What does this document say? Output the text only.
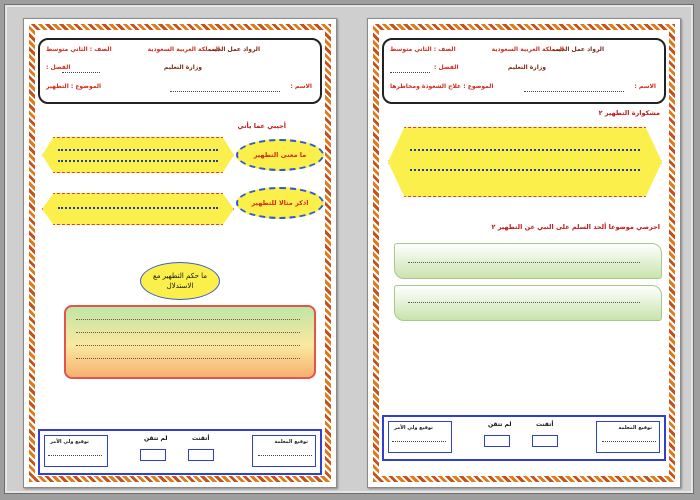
المملكة العربية السعودية
الرواد عمل الجيب
الصف : الثاني متوسط
وزارة التعليم
الفصل :
الاسم :
الموضوع : التطهير
أجيبي عما يأتي
ما معنى التطهير
اذكر مثالا للتطهير
ما حكم التطهير مع الاستدلال
توقيع المعلمة
أتقنت
لم تتقن
توقيع ولي الأمر
المملكة العربية السعودية
الرواد عمل الجيب
الصف : الثاني متوسط
وزارة التعليم
الفصل :
الاسم :
الموضوع : علاج الشعوذة ومخاطرها
مشكوارة التطهير ٢
احرصي موضوعا ألحد السلم على النبي عن التطهير ٢
توقيع المعلمة
أتقنت
لم تتقن
توقيع ولي الأمر
